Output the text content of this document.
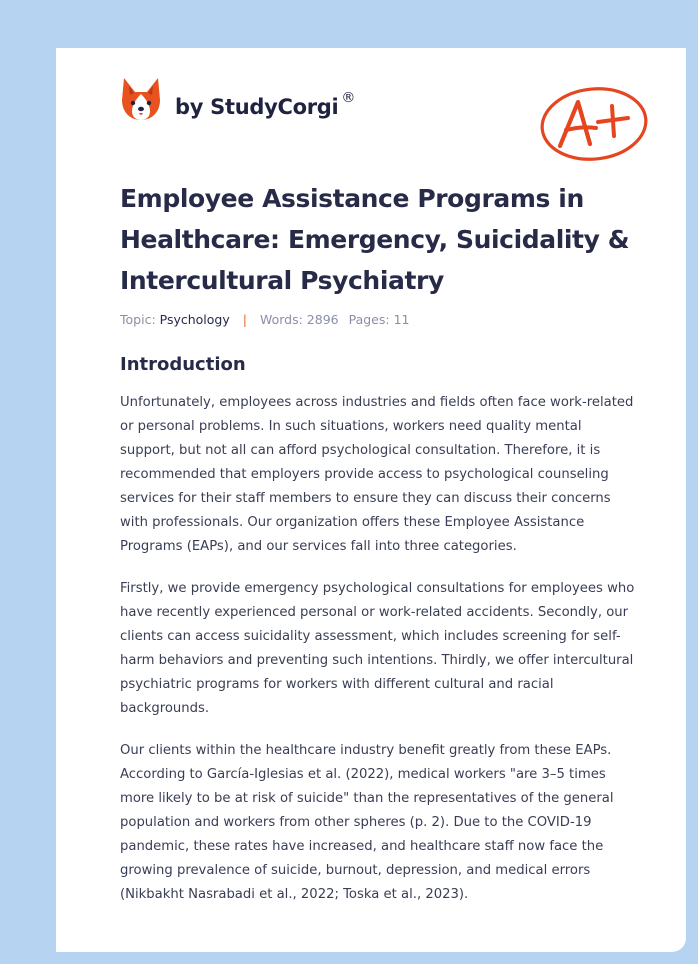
by StudyCorgi ®
Employee Assistance Programs in Healthcare: Emergency, Suicidality & Intercultural Psychiatry
Topic: Psychology | Words: 2896 Pages: 11
Introduction

Unfortunately, employees across industries and fields often face work-related or personal problems. In such situations, workers need quality mental support, but not all can afford psychological consultation. Therefore, it is recommended that employers provide access to psychological counseling services for their staff members to ensure they can discuss their concerns with professionals. Our organization offers these Employee Assistance Programs (EAPs), and our services fall into three categories.

Firstly, we provide emergency psychological consultations for employees who have recently experienced personal or work-related accidents. Secondly, our clients can access suicidality assessment, which includes screening for self-harm behaviors and preventing such intentions. Thirdly, we offer intercultural psychiatric programs for workers with different cultural and racial backgrounds.

Our clients within the healthcare industry benefit greatly from these EAPs. According to García-Iglesias et al. (2022), medical workers "are 3–5 times more likely to be at risk of suicide" than the representatives of the general population and workers from other spheres (p. 2). Due to the COVID-19 pandemic, these rates have increased, and healthcare staff now face the growing prevalence of suicide, burnout, depression, and medical errors (Nikbakht Nasrabadi et al., 2022; Toska et al., 2023).
